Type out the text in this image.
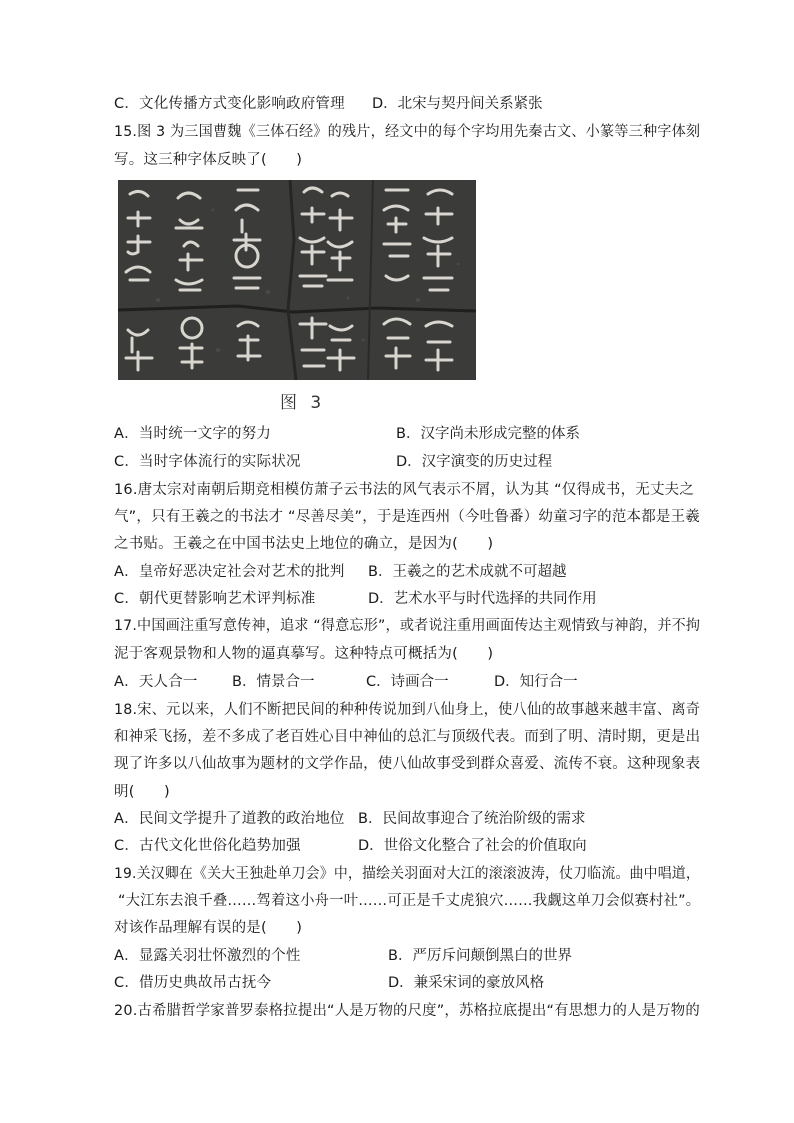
C．文化传播方式变化影响政府管理 D．北宋与契丹间关系紧张
15.图 3 为三国曹魏《三体石经》的残片，经文中的每个字均用先秦古文、小篆等三种字体刻
写。这三种字体反映了(　　)
图 3
A．当时统一文字的努力	B．汉字尚未形成完整的体系
C．当时字体流行的实际状况	D．汉字演变的历史过程
16.唐太宗对南朝后期竞相模仿萧子云书法的风气表示不屑，认为其 “仅得成书，无丈夫之
气”，只有王羲之的书法才 “尽善尽美”，于是连西州（今吐鲁番）幼童习字的范本都是王羲
之书贴。王羲之在中国书法史上地位的确立，是因为(　　)
A．皇帝好恶决定社会对艺术的批判 B．王羲之的艺术成就不可超越
C．朝代更替影响艺术评判标准	D．艺术水平与时代选择的共同作用
17.中国画注重写意传神，追求 “得意忘形”，或者说注重用画面传达主观情致与神韵，并不拘
泥于客观景物和人物的逼真摹写。这种特点可概括为(　　)
A．天人合一 B．情景合一	C．诗画合一	D．知行合一
18.宋、元以来，人们不断把民间的种种传说加到八仙身上，使八仙的故事越来越丰富、离奇
和神采飞扬，差不多成了老百姓心目中神仙的总汇与顶级代表。而到了明、清时期，更是出
现了许多以八仙故事为题材的文学作品，使八仙故事受到群众喜爱、流传不衰。这种现象表
明(　　)
A．民间文学提升了道教的政治地位 B．民间故事迎合了统治阶级的需求
C．古代文化世俗化趋势加强	D．世俗文化整合了社会的价值取向
19.关汉卿在《关大王独赴单刀会》中，描绘关羽面对大江的滚滚波涛，仗刀临流。曲中唱道，
“大江东去浪千叠……驾着这小舟一叶……可正是千丈虎狼穴……我觑这单刀会似赛村社”。
对该作品理解有误的是(　　)
A．显露关羽壮怀激烈的个性	B．严厉斥问颠倒黑白的世界
C．借历史典故吊古抚今	D．兼采宋词的豪放风格
20.古希腊哲学家普罗泰格拉提出“人是万物的尺度”，苏格拉底提出“有思想力的人是万物的
